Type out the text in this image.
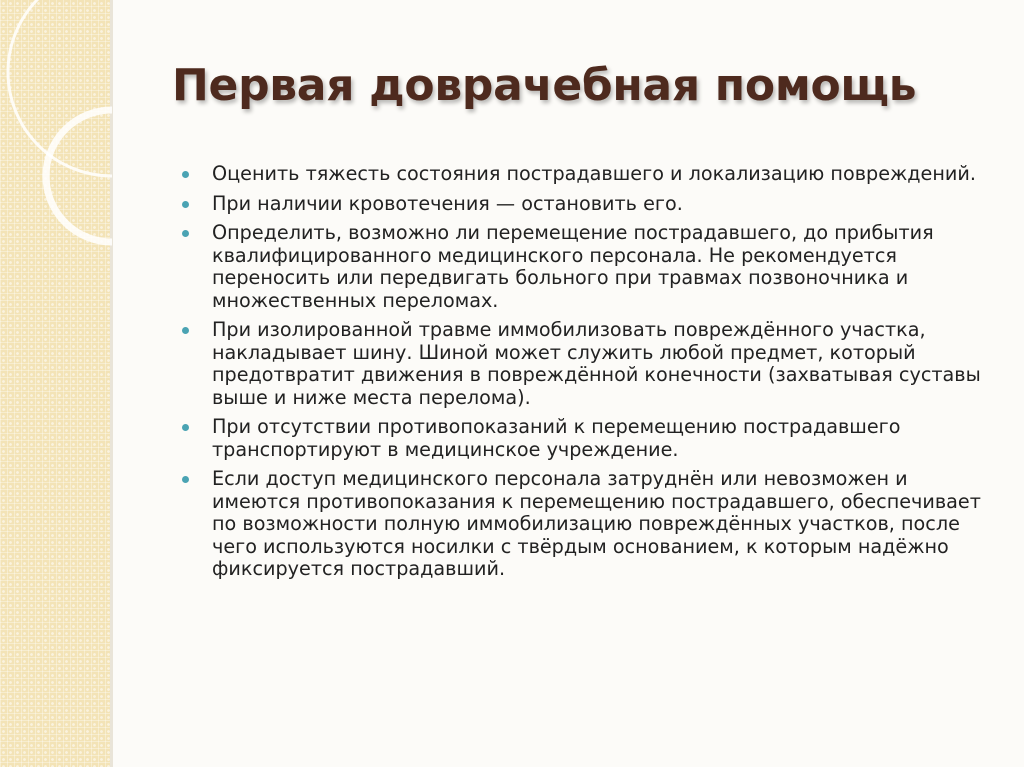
Первая доврачебная помощь
Оценить тяжесть состояния пострадавшего и локализацию повреждений.
При наличии кровотечения — остановить его.
Определить, возможно ли перемещение пострадавшего, до прибытия квалифицированного медицинского персонала. Не рекомендуется переносить или передвигать больного при травмах позвоночника и множественных переломах.
При изолированной травме иммобилизовать повреждённого участка, накладывает шину. Шиной может служить любой предмет, который предотвратит движения в повреждённой конечности (захватывая суставы выше и ниже места перелома).
При отсутствии противопоказаний к перемещению пострадавшего транспортируют в медицинское учреждение.
Если доступ медицинского персонала затруднён или невозможен и имеются противопоказания к перемещению пострадавшего, обеспечивает по возможности полную иммобилизацию повреждённых участков, после чего используются носилки с твёрдым основанием, к которым надёжно фиксируется пострадавший.
